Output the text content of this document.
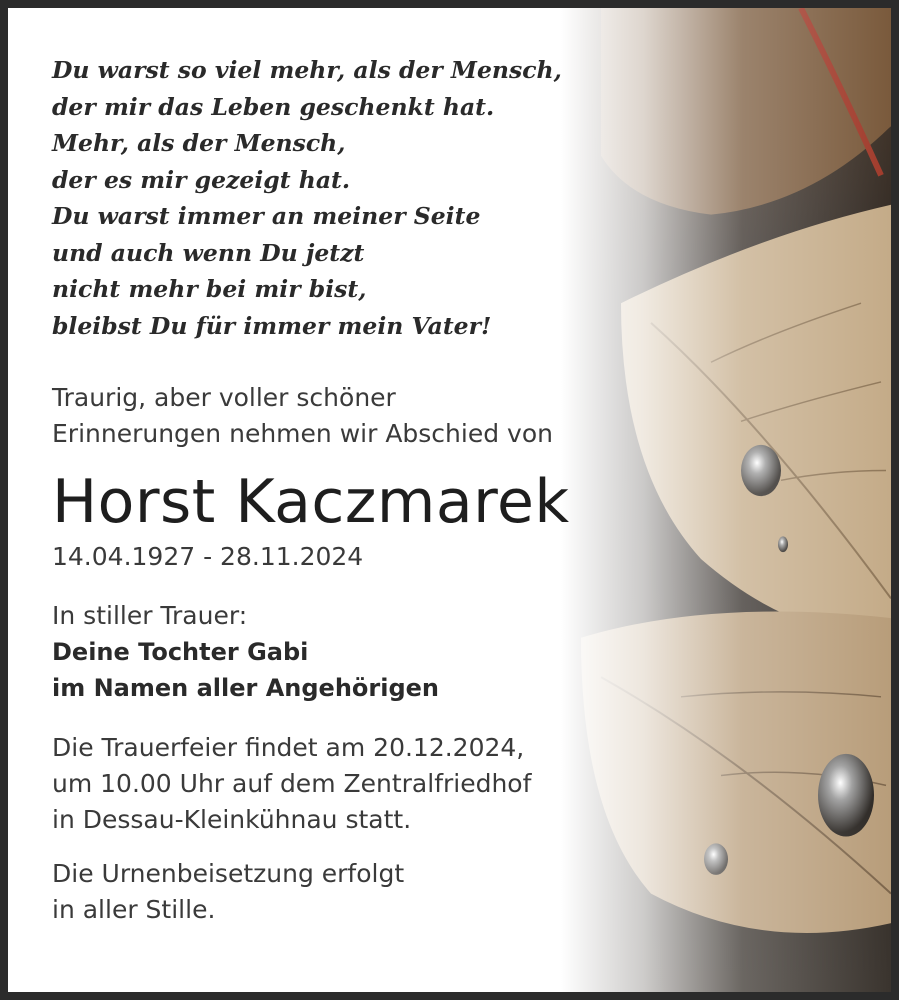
Du warst so viel mehr, als der Mensch,
der mir das Leben geschenkt hat.
Mehr, als der Mensch,
der es mir gezeigt hat.
Du warst immer an meiner Seite
und auch wenn Du jetzt
nicht mehr bei mir bist,
bleibst Du für immer mein Vater!
Traurig, aber voller schöner
Erinnerungen nehmen wir Abschied von
Horst Kaczmarek
14.04.1927 - 28.11.2024
In stiller Trauer:
Deine Tochter Gabi
im Namen aller Angehörigen
Die Trauerfeier findet am 20.12.2024,
um 10.00 Uhr auf dem Zentralfriedhof
in Dessau-Kleinkühnau statt.
Die Urnenbeisetzung erfolgt
in aller Stille.
